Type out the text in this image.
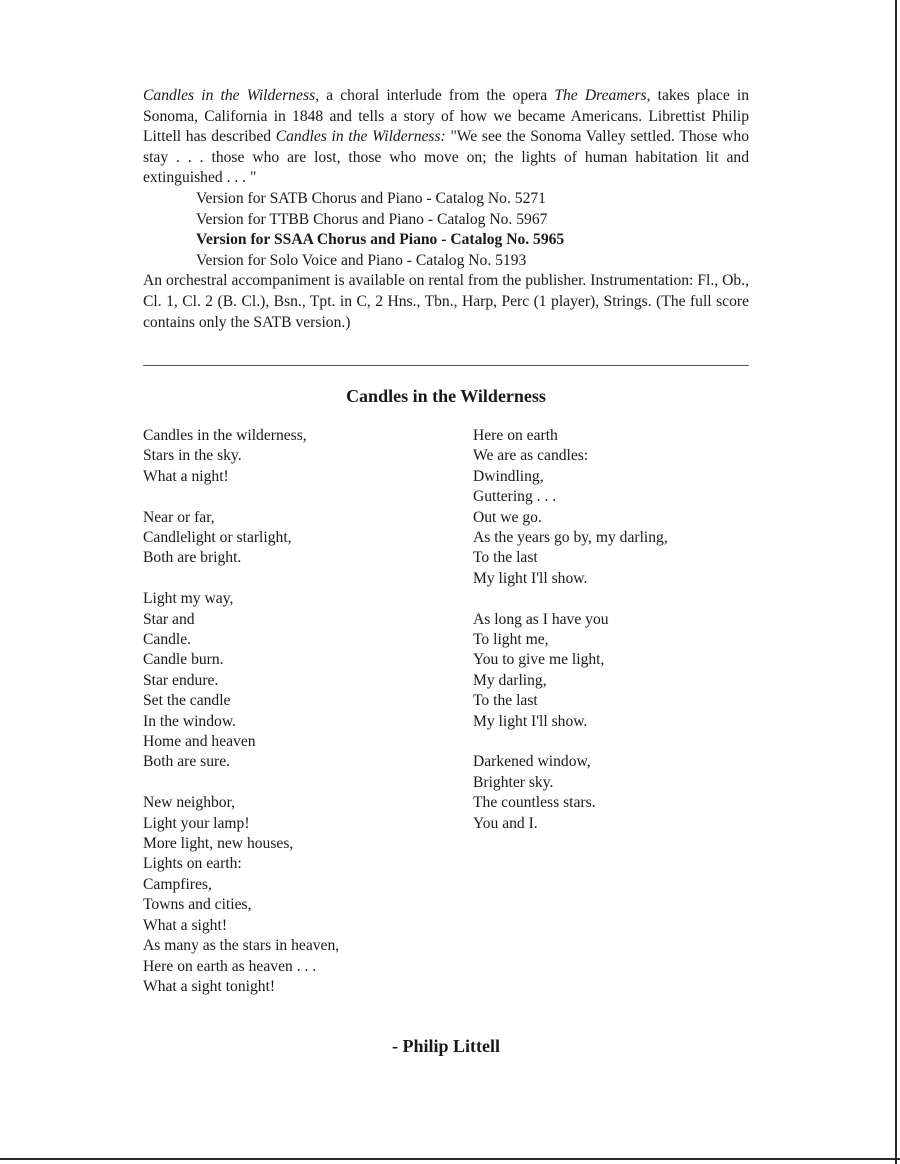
Candles in the Wilderness, a choral interlude from the opera The Dreamers, takes place in Sonoma, California in 1848 and tells a story of how we became Americans. Librettist Philip Littell has described Candles in the Wilderness: "We see the Sonoma Valley settled. Those who stay . . . those who are lost, those who move on; the lights of human habitation lit and extinguished . . . "

Version for SATB Chorus and Piano - Catalog No. 5271

Version for TTBB Chorus and Piano - Catalog No. 5967

Version for SSAA Chorus and Piano - Catalog No. 5965

Version for Solo Voice and Piano - Catalog No. 5193

An orchestral accompaniment is available on rental from the publisher. Instrumentation: Fl., Ob., Cl. 1, Cl. 2 (B. Cl.), Bsn., Tpt. in C, 2 Hns., Tbn., Harp, Perc (1 player), Strings. (The full score contains only the SATB version.)

Candles in the Wilderness
Candles in the wilderness,
Stars in the sky.
What a night!
Near or far,
Candlelight or starlight,
Both are bright.
Light my way,
Star and
Candle.
Candle burn.
Star endure.
Set the candle
In the window.
Home and heaven
Both are sure.
New neighbor,
Light your lamp!
More light, new houses,
Lights on earth:
Campfires,
Towns and cities,
What a sight!
As many as the stars in heaven,
Here on earth as heaven . . .
What a sight tonight!
Here on earth
We are as candles:
Dwindling,
Guttering . . .
Out we go.
As the years go by, my darling,
To the last
My light I'll show.
As long as I have you
To light me,
You to give me light,
My darling,
To the last
My light I'll show.
Darkened window,
Brighter sky.
The countless stars.
You and I.
- Philip Littell
